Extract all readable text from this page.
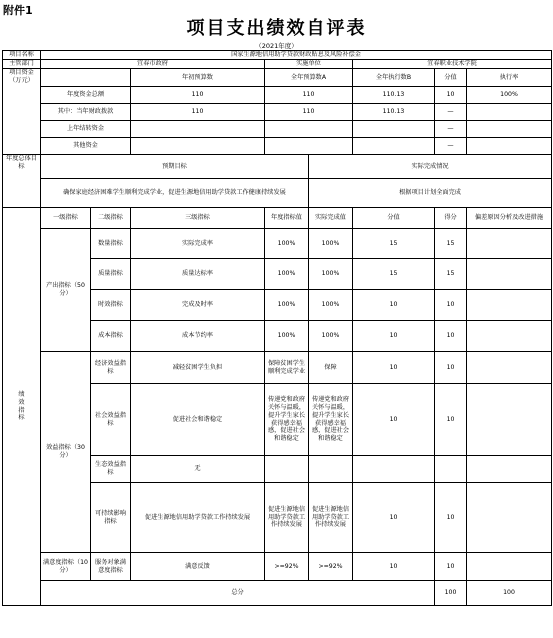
附件1
项目支出绩效自评表
（2021年度）
项目名称	国家生源地信用助学贷款财政贴息及风险补偿金								
主管部门	宜春市政府			实施单位		宜春职业技术学院			
项目资金（万元）			年初预算数	全年预算数A		全年执行数B	分值	执行率	
	年度资金总额		110	110		110.13	10	100%	
	其中：当年财政拨款		110	110		110.13	—		
	上年结转资金						—		
	其他资金						—		
年度总体目标	预期目标				实际完成情况				
	确保家庭经济困难学生顺利完成学业，促进生源地信用助学贷款工作健康持续发展				根据项目计划全面完成				
绩效指标	一级指标	二级指标	三级指标	年度指标值	实际完成值	分值	得分	偏差原因分析及改进措施	
	产出指标（50分）	数量指标	实际完成率	100%	100%	15	15		
		质量指标	质量达标率	100%	100%	15	15		
		时效指标	完成及时率	100%	100%	10	10		
		成本指标	成本节约率	100%	100%	10	10		
	效益指标（30分）	经济效益指标	减轻贫困学生负担	保障贫困学生顺利完成学业	保障	10	10		
		社会效益指标	促进社会和谐稳定	传递党和政府关怀与温暖，提升学生家长获得感幸福感，促进社会和谐稳定	传递党和政府关怀与温暖，提升学生家长获得感幸福感，促进社会和谐稳定	10	10		
		生态效益指标	无						
		可持续影响指标	促进生源地信用助学贷款工作持续发展	促进生源地信用助学贷款工作持续发展	促进生源地信用助学贷款工作持续发展	10	10		
	满意度指标（10分）	服务对象满意度指标	满意反馈	>=92%	>=92%	10	10		
	总分						100	100	
